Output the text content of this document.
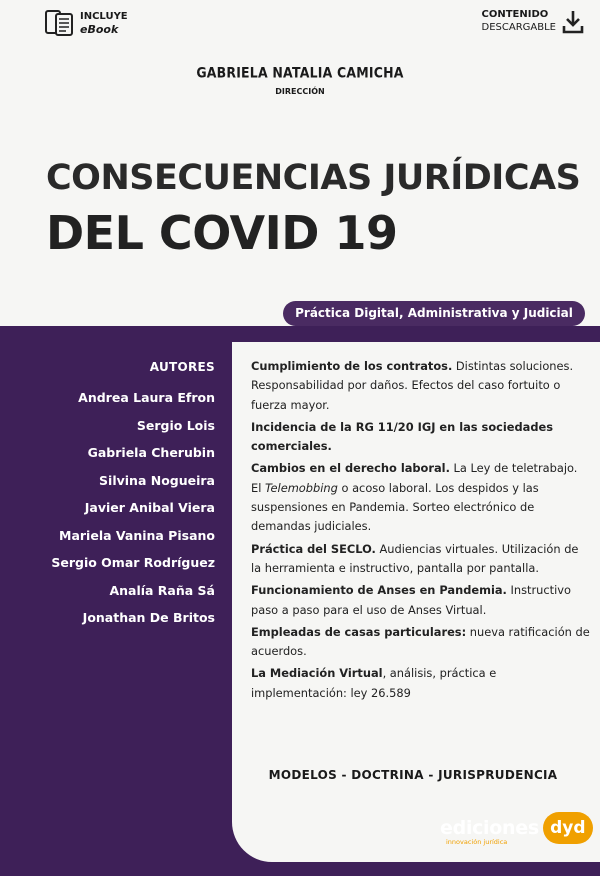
INCLUYE
eBook
CONTENIDO
DESCARGABLE
GABRIELA NATALIA CAMICHA
DIRECCIÓN
CONSECUENCIAS JURÍDICAS
DEL COVID 19
Práctica Digital, Administrativa y Judicial
AUTORES
Andrea Laura Efron
Sergio Lois
Gabriela Cherubin
Silvina Nogueira
Javier Anibal Viera
Mariela Vanina Pisano
Sergio Omar Rodríguez
Analía Raña Sá
Jonathan De Britos

Cumplimiento de los contratos. Distintas soluciones. Responsabilidad por daños. Efectos del caso fortuito o fuerza mayor.

Incidencia de la RG 11/20 IGJ en las sociedades comerciales.

Cambios en el derecho laboral. La Ley de teletrabajo. El Telemobbing o acoso laboral. Los despidos y las suspensiones en Pandemia. Sorteo electrónico de demandas judiciales.

Práctica del SECLO. Audiencias virtuales. Utilización de la herramienta e instructivo, pantalla por pantalla.

Funcionamiento de Anses en Pandemia. Instructivo paso a paso para el uso de Anses Virtual.

Empleadas de casas particulares: nueva ratificación de acuerdos.

La Mediación Virtual, análisis, práctica e implementación: ley 26.589

MODELOS - DOCTRINA - JURISPRUDENCIA
ediciones
innovación jurídica
dyd
